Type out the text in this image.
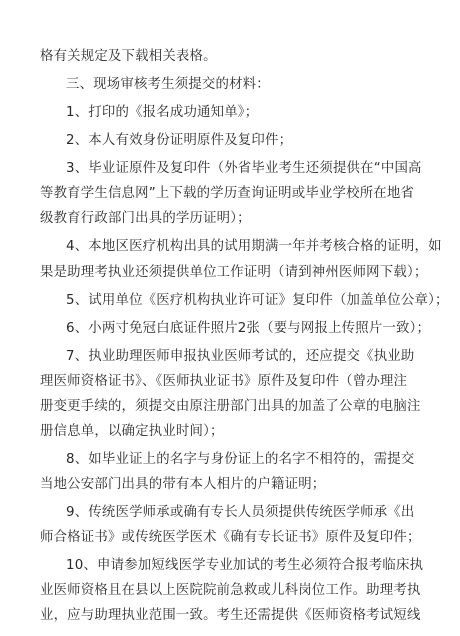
格有关规定及下载相关表格。
三、现场审核考生须提交的材料：
1、打印的《报名成功通知单》；
2、本人有效身份证明原件及复印件；
3、毕业证原件及复印件（外省毕业考生还须提供在“中国高
等教育学生信息网”上下载的学历查询证明或毕业学校所在地省
级教育行政部门出具的学历证明）；
4、本地区医疗机构出具的试用期满一年并考核合格的证明，如
果是助理考执业还须提供单位工作证明（请到神州医师网下载）；
5、试用单位《医疗机构执业许可证》复印件（加盖单位公章）；
6、小两寸免冠白底证件照片2张（要与网报上传照片一致）；
7、执业助理医师申报执业医师考试的，还应提交《执业助
理医师资格证书》、《医师执业证书》原件及复印件（曾办理注
册变更手续的，须提交由原注册部门出具的加盖了公章的电脑注
册信息单，以确定执业时间）；
8、如毕业证上的名字与身份证上的名字不相符的，需提交
当地公安部门出具的带有本人相片的户籍证明；
9、传统医学师承或确有专长人员须提供传统医学师承《出
师合格证书》或传统医学医术《确有专长证书》原件及复印件；
10、申请参加短线医学专业加试的考生必须符合报考临床执
业医师资格且在县以上医院院前急救或儿科岗位工作。助理考执
业，应与助理执业范围一致。考生还需提供《医师资格考试短线
